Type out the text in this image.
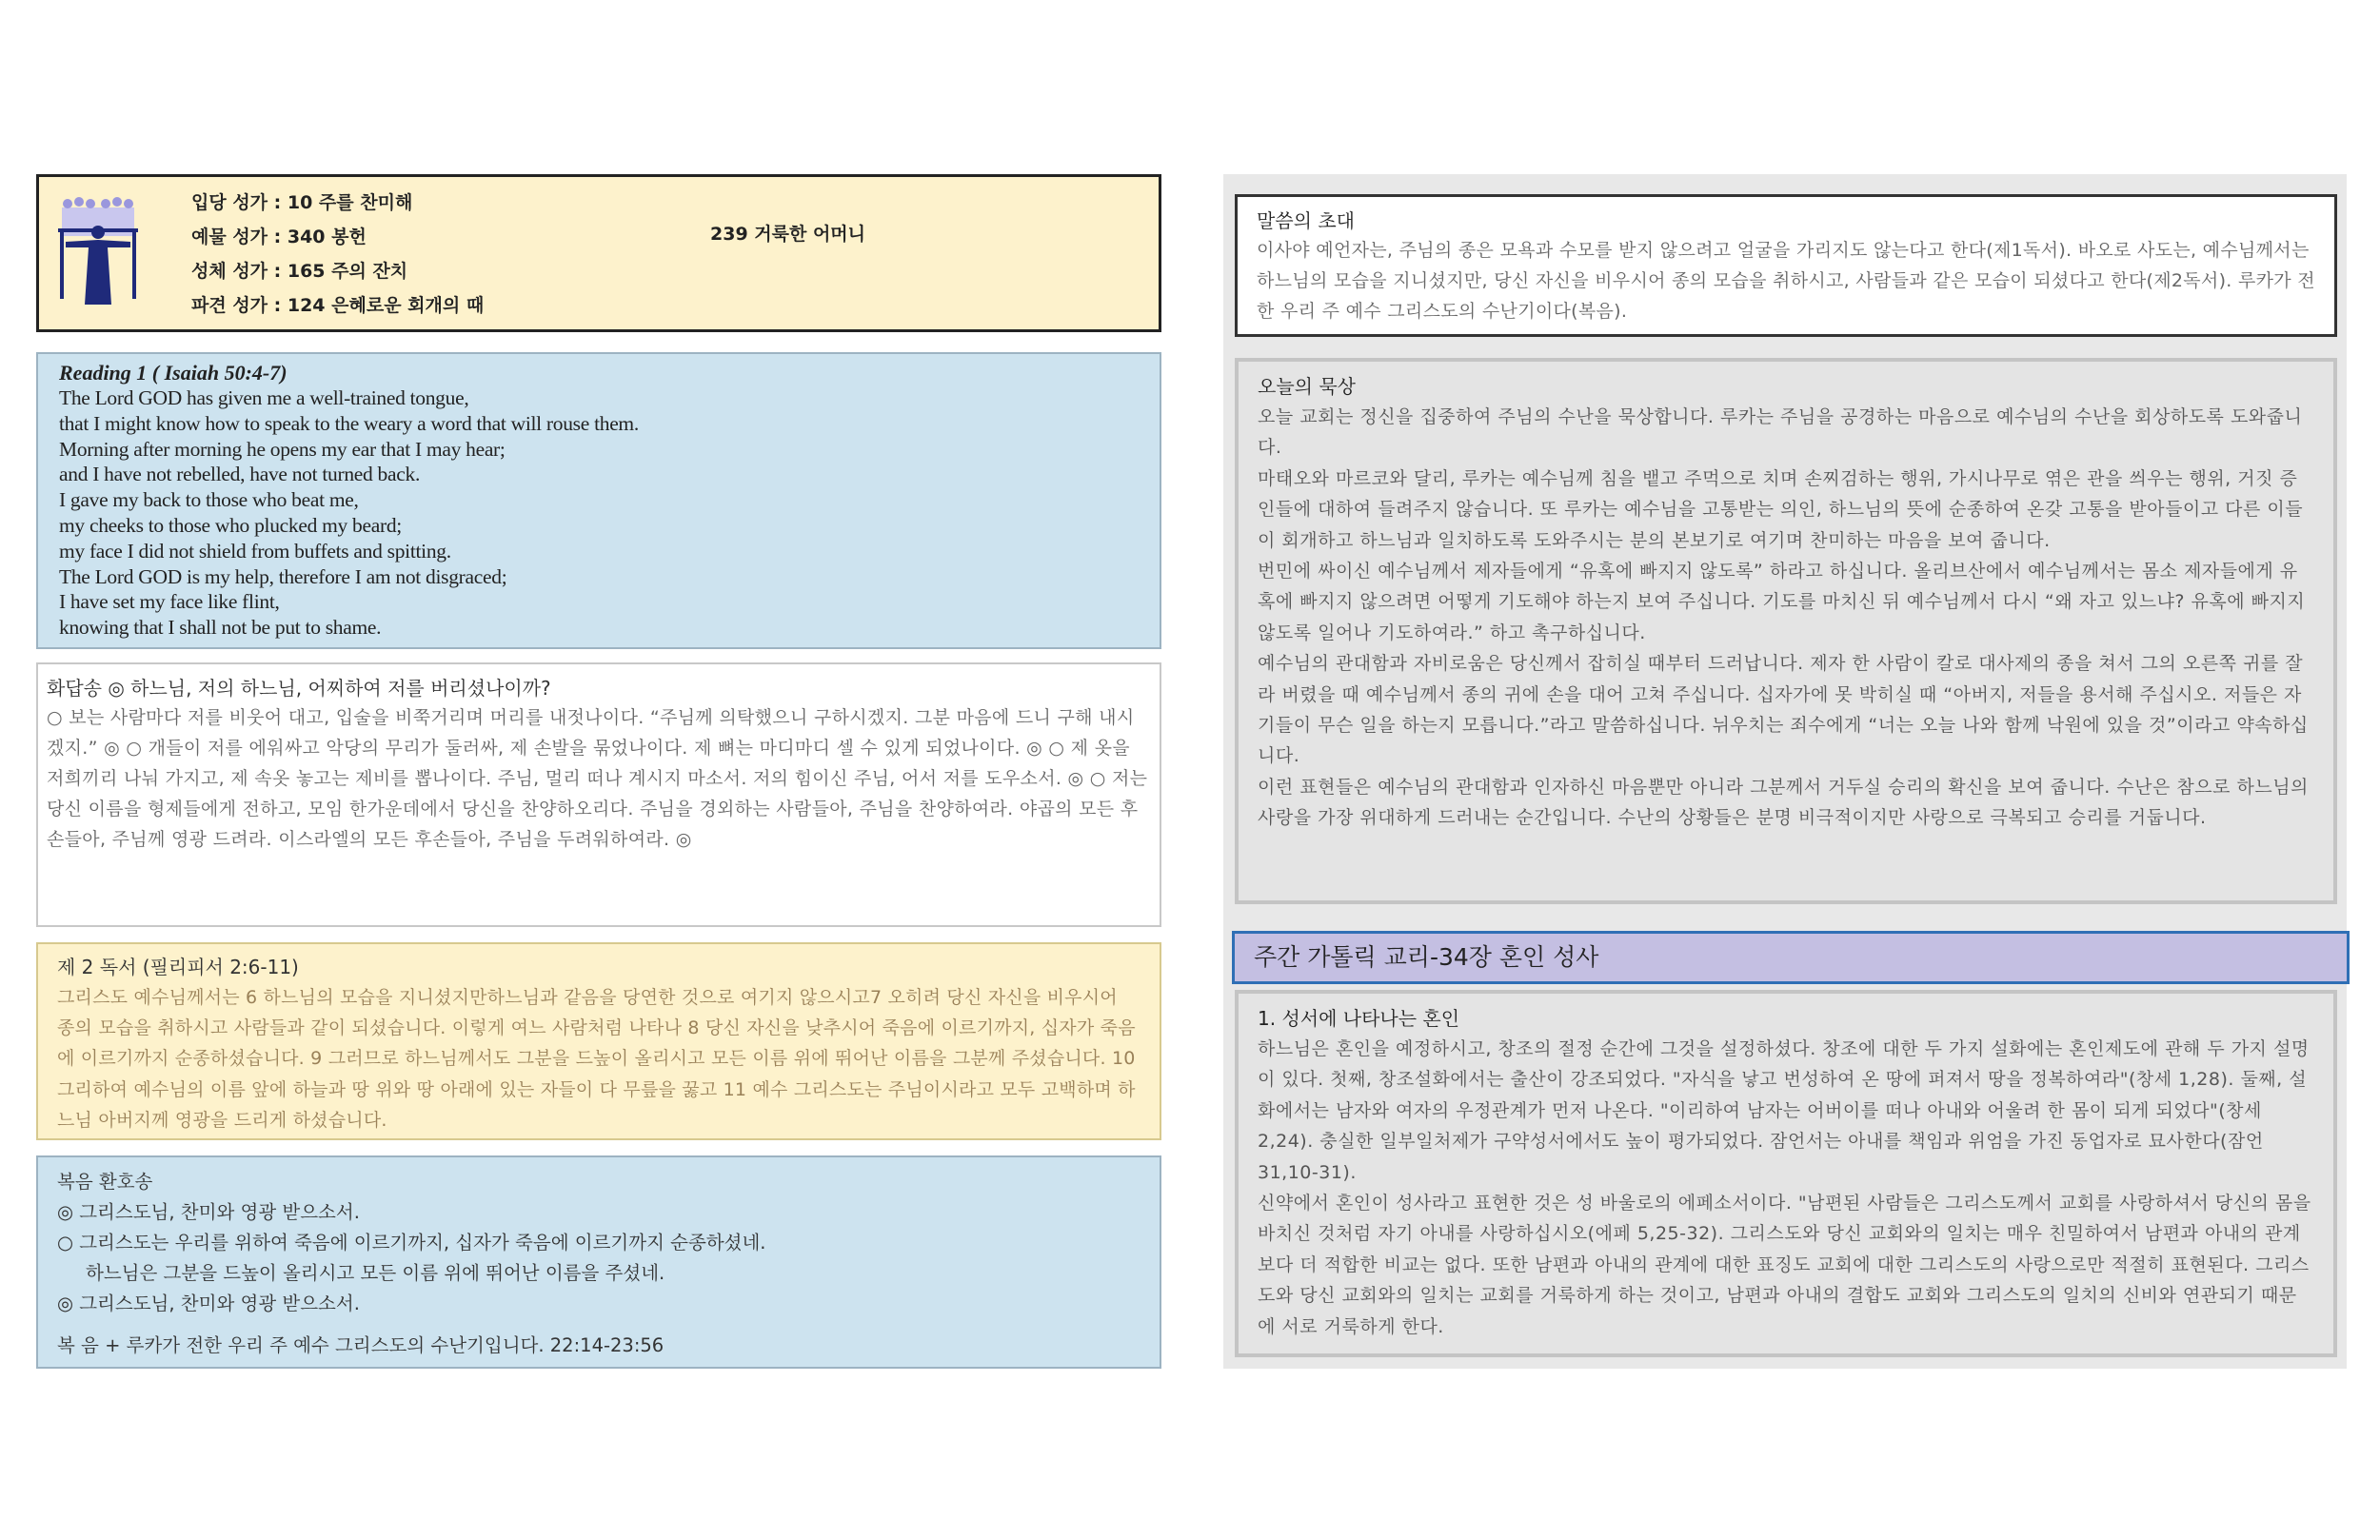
입당 성가 : 10 주를 찬미해

예물 성가 : 340 봉헌

성체 성가 : 165 주의 잔치

파견 성가 : 124 은혜로운 회개의 때

239 거룩한 어머니

Reading 1 ( Isaiah 50:4-7)

The Lord GOD has given me a well-trained tongue,

that I might know how to speak to the weary a word that will rouse them.

Morning after morning he opens my ear that I may hear;

and I have not rebelled, have not turned back.

I gave my back to those who beat me,

my cheeks to those who plucked my beard;

my face I did not shield from buffets and spitting.

The Lord GOD is my help, therefore I am not disgraced;

I have set my face like flint,

knowing that I shall not be put to shame.

화답송 ◎ 하느님, 저의 하느님, 어찌하여 저를 버리셨나이까?

○ 보는 사람마다 저를 비웃어 대고, 입술을 비쭉거리며 머리를 내젓나이다. “주님께 의탁했으니 구하시겠지. 그분 마음에 드니 구해 내시겠지.” ◎ ○ 개들이 저를 에워싸고 악당의 무리가 둘러싸, 제 손발을 묶었나이다. 제 뼈는 마디마디 셀 수 있게 되었나이다. ◎ ○ 제 옷을 저희끼리 나눠 가지고, 제 속옷 놓고는 제비를 뽑나이다. 주님, 멀리 떠나 계시지 마소서. 저의 힘이신 주님, 어서 저를 도우소서. ◎ ○ 저는 당신 이름을 형제들에게 전하고, 모임 한가운데에서 당신을 찬양하오리다. 주님을 경외하는 사람들아, 주님을 찬양하여라. 야곱의 모든 후손들아, 주님께 영광 드려라. 이스라엘의 모든 후손들아, 주님을 두려워하여라. ◎

제 2 독서 (필리피서 2:6-11)

그리스도 예수님께서는 6 하느님의 모습을 지니셨지만하느님과 같음을 당연한 것으로 여기지 않으시고7 오히려 당신 자신을 비우시어 종의 모습을 취하시고 사람들과 같이 되셨습니다. 이렇게 여느 사람처럼 나타나 8 당신 자신을 낮추시어 죽음에 이르기까지, 십자가 죽음에 이르기까지 순종하셨습니다. 9 그러므로 하느님께서도 그분을 드높이 올리시고 모든 이름 위에 뛰어난 이름을 그분께 주셨습니다. 10 그리하여 예수님의 이름 앞에 하늘과 땅 위와 땅 아래에 있는 자들이 다 무릎을 꿇고 11 예수 그리스도는 주님이시라고 모두 고백하며 하느님 아버지께 영광을 드리게 하셨습니다.

복음 환호송

◎ 그리스도님, 찬미와 영광 받으소서.

○ 그리스도는 우리를 위하여 죽음에 이르기까지, 십자가 죽음에 이르기까지 순종하셨네.

하느님은 그분을 드높이 올리시고 모든 이름 위에 뛰어난 이름을 주셨네.

◎ 그리스도님, 찬미와 영광 받으소서.

복 음 + 루카가 전한 우리 주 예수 그리스도의 수난기입니다. 22:14-23:56

말씀의 초대

이사야 예언자는, 주님의 종은 모욕과 수모를 받지 않으려고 얼굴을 가리지도 않는다고 한다(제1독서). 바오로 사도는, 예수님께서는 하느님의 모습을 지니셨지만, 당신 자신을 비우시어 종의 모습을 취하시고, 사람들과 같은 모습이 되셨다고 한다(제2독서). 루카가 전한 우리 주 예수 그리스도의 수난기이다(복음).

오늘의 묵상

오늘 교회는 정신을 집중하여 주님의 수난을 묵상합니다. 루카는 주님을 공경하는 마음으로 예수님의 수난을 회상하도록 도와줍니다.

마태오와 마르코와 달리, 루카는 예수님께 침을 뱉고 주먹으로 치며 손찌검하는 행위, 가시나무로 엮은 관을 씌우는 행위, 거짓 증인들에 대하여 들려주지 않습니다. 또 루카는 예수님을 고통받는 의인, 하느님의 뜻에 순종하여 온갖 고통을 받아들이고 다른 이들이 회개하고 하느님과 일치하도록 도와주시는 분의 본보기로 여기며 찬미하는 마음을 보여 줍니다.

번민에 싸이신 예수님께서 제자들에게 “유혹에 빠지지 않도록” 하라고 하십니다. 올리브산에서 예수님께서는 몸소 제자들에게 유혹에 빠지지 않으려면 어떻게 기도해야 하는지 보여 주십니다. 기도를 마치신 뒤 예수님께서 다시 “왜 자고 있느냐? 유혹에 빠지지 않도록 일어나 기도하여라.” 하고 촉구하십니다.

예수님의 관대함과 자비로움은 당신께서 잡히실 때부터 드러납니다. 제자 한 사람이 칼로 대사제의 종을 쳐서 그의 오른쪽 귀를 잘라 버렸을 때 예수님께서 종의 귀에 손을 대어 고쳐 주십니다. 십자가에 못 박히실 때 “아버지, 저들을 용서해 주십시오. 저들은 자기들이 무슨 일을 하는지 모릅니다.”라고 말씀하십니다. 뉘우치는 죄수에게 “너는 오늘 나와 함께 낙원에 있을 것”이라고 약속하십니다.

이런 표현들은 예수님의 관대함과 인자하신 마음뿐만 아니라 그분께서 거두실 승리의 확신을 보여 줍니다. 수난은 참으로 하느님의 사랑을 가장 위대하게 드러내는 순간입니다. 수난의 상황들은 분명 비극적이지만 사랑으로 극복되고 승리를 거둡니다.

주간 가톨릭 교리-34장 혼인 성사

1. 성서에 나타나는 혼인

하느님은 혼인을 예정하시고, 창조의 절정 순간에 그것을 설정하셨다. 창조에 대한 두 가지 설화에는 혼인제도에 관해 두 가지 설명이 있다. 첫째, 창조설화에서는 출산이 강조되었다. "자식을 낳고 번성하여 온 땅에 퍼져서 땅을 정복하여라"(창세 1,28). 둘째, 설화에서는 남자와 여자의 우정관계가 먼저 나온다. "이리하여 남자는 어버이를 떠나 아내와 어울려 한 몸이 되게 되었다"(창세 2,24). 충실한 일부일처제가 구약성서에서도 높이 평가되었다. 잠언서는 아내를 책임과 위엄을 가진 동업자로 묘사한다(잠언 31,10-31).

신약에서 혼인이 성사라고 표현한 것은 성 바울로의 에페소서이다. "남편된 사람들은 그리스도께서 교회를 사랑하셔서 당신의 몸을 바치신 것처럼 자기 아내를 사랑하십시오(에페 5,25-32). 그리스도와 당신 교회와의 일치는 매우 친밀하여서 남편과 아내의 관계보다 더 적합한 비교는 없다. 또한 남편과 아내의 관계에 대한 표징도 교회에 대한 그리스도의 사랑으로만 적절히 표현된다. 그리스도와 당신 교회와의 일치는 교회를 거룩하게 하는 것이고, 남편과 아내의 결합도 교회와 그리스도의 일치의 신비와 연관되기 때문에 서로 거룩하게 한다.
